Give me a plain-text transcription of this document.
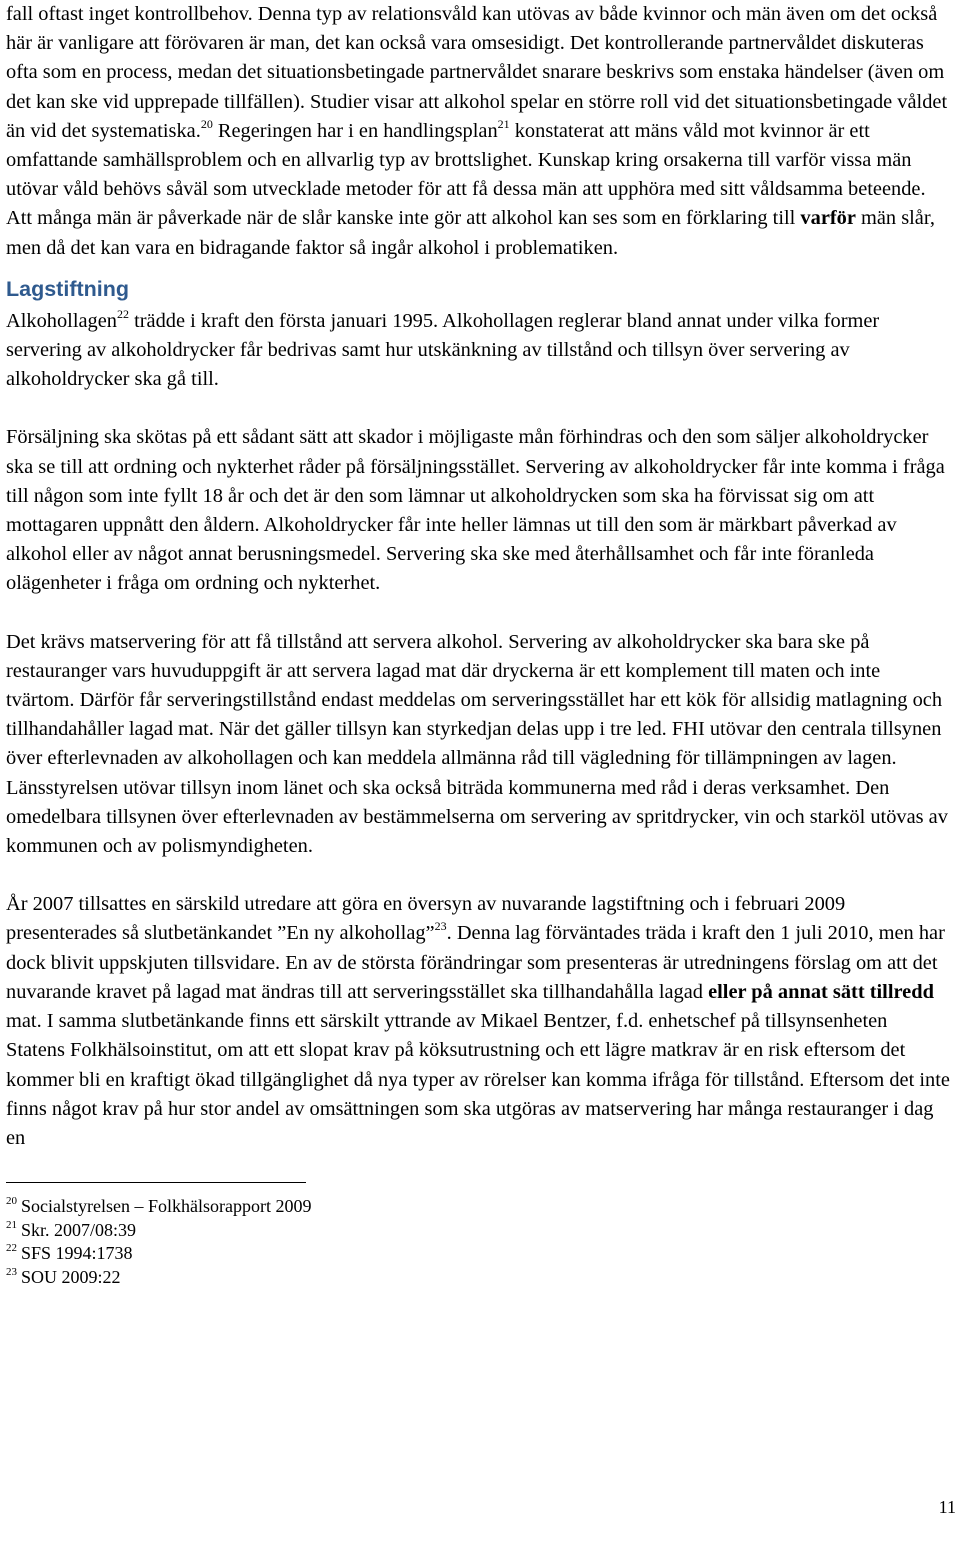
fall oftast inget kontrollbehov. Denna typ av relationsvåld kan utövas av både kvinnor och män även om det också här är vanligare att förövaren är man, det kan också vara omsesidigt. Det kontrollerande partnervåldet diskuteras ofta som en process, medan det situationsbetingade partnervåldet snarare beskrivs som enstaka händelser (även om det kan ske vid upprepade tillfällen). Studier visar att alkohol spelar en större roll vid det situationsbetingade våldet än vid det systematiska.$^{20}$ Regeringen har i en handlingsplan$^{21}$ konstaterat att mäns våld mot kvinnor är ett omfattande samhällsproblem och en allvarlig typ av brottslighet. Kunskap kring orsakerna till varför vissa män utövar våld behövs såväl som utvecklade metoder för att få dessa män att upphöra med sitt våldsamma beteende. Att många män är påverkade när de slår kanske inte gör att alkohol kan ses som en förklaring till varför män slår, men då det kan vara en bidragande faktor så ingår alkohol i problematiken.

Lagstiftning

Alkohollagen$^{22}$ trädde i kraft den första januari 1995. Alkohollagen reglerar bland annat under vilka former servering av alkoholdrycker får bedrivas samt hur utskänkning av tillstånd och tillsyn över servering av alkoholdrycker ska gå till.

Försäljning ska skötas på ett sådant sätt att skador i möjligaste mån förhindras och den som säljer alkoholdrycker ska se till att ordning och nykterhet råder på försäljningsstället. Servering av alkoholdrycker får inte komma i fråga till någon som inte fyllt 18 år och det är den som lämnar ut alkoholdrycken som ska ha förvissat sig om att mottagaren uppnått den åldern. Alkoholdrycker får inte heller lämnas ut till den som är märkbart påverkad av alkohol eller av något annat berusningsmedel. Servering ska ske med återhållsamhet och får inte föranleda olägenheter i fråga om ordning och nykterhet.

Det krävs matservering för att få tillstånd att servera alkohol. Servering av alkoholdrycker ska bara ske på restauranger vars huvuduppgift är att servera lagad mat där dryckerna är ett komplement till maten och inte tvärtom. Därför får serveringstillstånd endast meddelas om serveringsstället har ett kök för allsidig matlagning och tillhandahåller lagad mat. När det gäller tillsyn kan styrkedjan delas upp i tre led. FHI utövar den centrala tillsynen över efterlevnaden av alkohollagen och kan meddela allmänna råd till vägledning för tillämpningen av lagen. Länsstyrelsen utövar tillsyn inom länet och ska också biträda kommunerna med råd i deras verksamhet. Den omedelbara tillsynen över efterlevnaden av bestämmelserna om servering av spritdrycker, vin och starköl utövas av kommunen och av polismyndigheten.

År 2007 tillsattes en särskild utredare att göra en översyn av nuvarande lagstiftning och i februari 2009 presenterades så slutbetänkandet ”En ny alkohollag”$^{23}$. Denna lag förväntades träda i kraft den 1 juli 2010, men har dock blivit uppskjuten tillsvidare. En av de största förändringar som presenteras är utredningens förslag om att det nuvarande kravet på lagad mat ändras till att serveringsstället ska tillhandahålla lagad eller på annat sätt tillredd mat. I samma slutbetänkande finns ett särskilt yttrande av Mikael Bentzer, f.d. enhetschef på tillsynsenheten Statens Folkhälsoinstitut, om att ett slopat krav på köksutrustning och ett lägre matkrav är en risk eftersom det kommer bli en kraftigt ökad tillgänglighet då nya typer av rörelser kan komma ifråga för tillstånd. Eftersom det inte finns något krav på hur stor andel av omsättningen som ska utgöras av matservering har många restauranger i dag en

$^{20}$ Socialstyrelsen – Folkhälsorapport 2009
$^{21}$ Skr. 2007/08:39
$^{22}$ SFS 1994:1738
$^{23}$ SOU 2009:22
11
